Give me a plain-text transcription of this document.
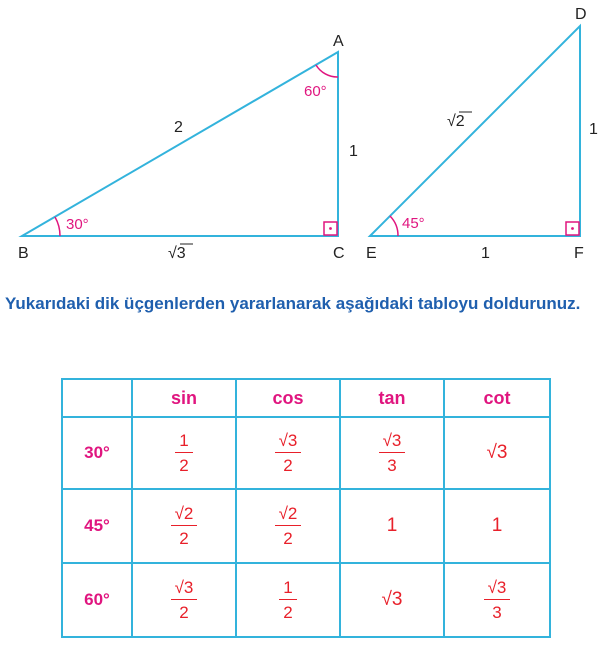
A
B	C
2
1
√3
30°
60°
D
E	F
√2	1
1
45°
Yukarıdaki dik üçgenlerden yararlanarak aşağıdaki tabloyu doldurunuz.
	sin	cos	tan	cot
30°	$\frac{1}{2}$	$\frac{√3}{2}$	$\frac{√3}{3}$	√3
45°	$\frac{√2}{2}$	$\frac{√2}{2}$	1	1
60°	$\frac{√3}{2}$	$\frac{1}{2}$	√3	$\frac{√3}{3}$
